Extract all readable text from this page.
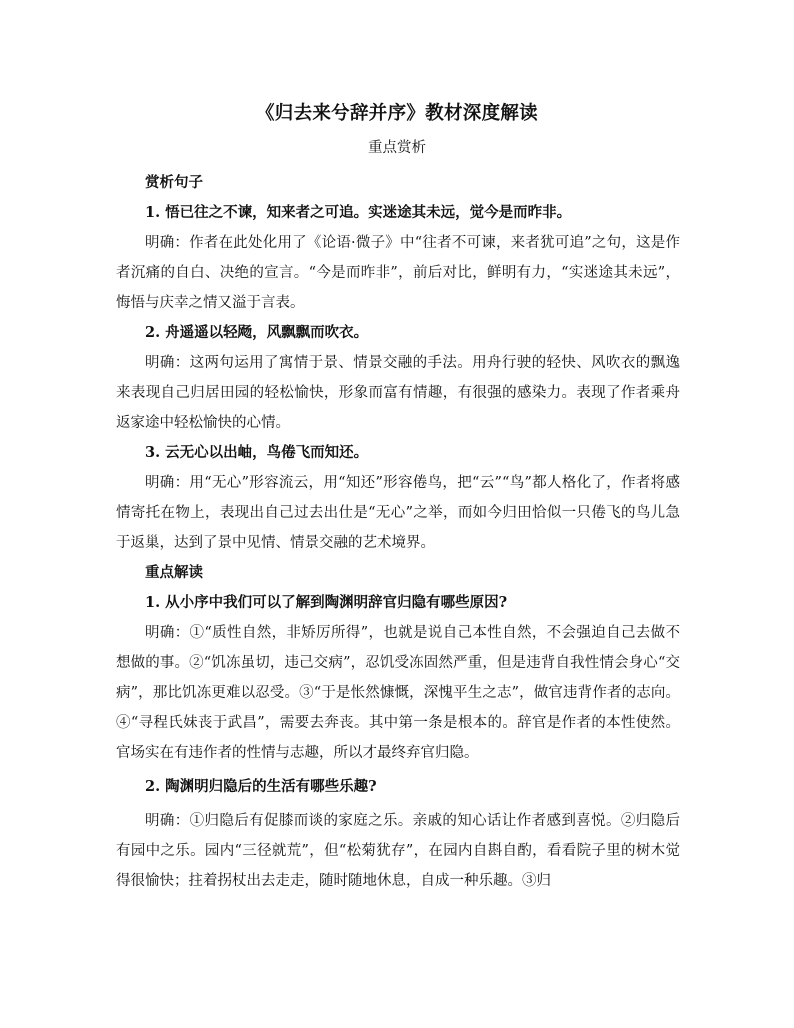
《归去来兮辞并序》教材深度解读
重点赏析

赏析句子

1. 悟已往之不谏，知来者之可追。实迷途其未远，觉今是而昨非。

明确：作者在此处化用了《论语·微子》中“往者不可谏，来者犹可追”之句，这是作者沉痛的自白、决绝的宣言。“今是而昨非”，前后对比，鲜明有力，“实迷途其未远”，悔悟与庆幸之情又溢于言表。

2. 舟遥遥以轻飏，风飘飘而吹衣。

明确：这两句运用了寓情于景、情景交融的手法。用舟行驶的轻快、风吹衣的飘逸来表现自己归居田园的轻松愉快，形象而富有情趣，有很强的感染力。表现了作者乘舟返家途中轻松愉快的心情。

3. 云无心以出岫，鸟倦飞而知还。

明确：用“无心”形容流云，用“知还”形容倦鸟，把“云”“鸟”都人格化了，作者将感情寄托在物上，表现出自己过去出仕是“无心”之举，而如今归田恰似一只倦飞的鸟儿急于返巢，达到了景中见情、情景交融的艺术境界。

重点解读

1. 从小序中我们可以了解到陶渊明辞官归隐有哪些原因?

明确：①“质性自然，非矫厉所得”，也就是说自己本性自然，不会强迫自己去做不想做的事。②“饥冻虽切，违己交病”，忍饥受冻固然严重，但是违背自我性情会身心“交病”，那比饥冻更难以忍受。③“于是怅然慷慨，深愧平生之志”，做官违背作者的志向。④“寻程氏妹丧于武昌”，需要去奔丧。其中第一条是根本的。辞官是作者的本性使然。官场实在有违作者的性情与志趣，所以才最终弃官归隐。

2. 陶渊明归隐后的生活有哪些乐趣?

明确：①归隐后有促膝而谈的家庭之乐。亲戚的知心话让作者感到喜悦。②归隐后有园中之乐。园内“三径就荒”，但“松菊犹存”，在园内自斟自酌，看看院子里的树木觉得很愉快；拄着拐杖出去走走，随时随地休息，自成一种乐趣。③归
